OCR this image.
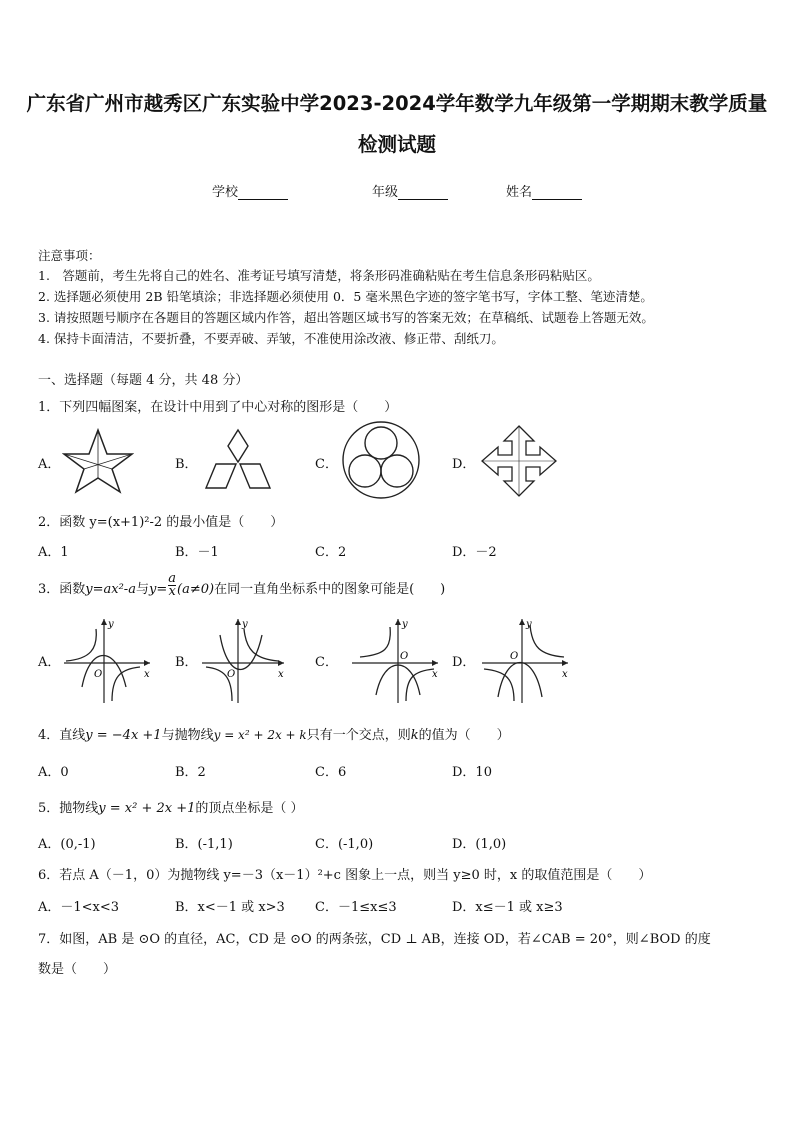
广东省广州市越秀区广东实验中学2023-2024学年数学九年级第一学期期末教学质量
检测试题
学校	年级	姓名
注意事项：
1.　答题前，考生先将自己的姓名、准考证号填写清楚，将条形码准确粘贴在考生信息条形码粘贴区。
2. 选择题必须使用 2B 铅笔填涂；非选择题必须使用 0．5 毫米黑色字迹的签字笔书写，字体工整、笔迹清楚。
3. 请按照题号顺序在各题目的答题区域内作答，超出答题区域书写的答案无效；在草稿纸、试题卷上答题无效。
4. 保持卡面清洁，不要折叠，不要弄破、弄皱，不准使用涂改液、修正带、刮纸刀。
一、选择题（每题 4 分，共 48 分）
1．下列四幅图案，在设计中用到了中心对称的图形是（　　）
A．	B．	C．	D．
2．函数 y=(x+1)²-2 的最小值是（　　）
A．1	B．－1	C．2	D．－2
3．函数y=ax²-a与$y= \frac{a}{x} (a\ne 0)$在同一直角坐标系中的图象可能是(　　)
A．
y
x
O
B．
y
x
O
C．
y
x
O	D．
y
x
O
4．直线y = −4x +1与抛物线y = x² + 2x + k只有一个交点，则k的值为（　　）
A．0	B．2	C．6	D．10
5．抛物线y = x² + 2x +1的顶点坐标是（ ）
A．(0,-1)	B．(-1,1)	C．(-1,0)	D．(1,0)
6．若点 A（－1，0）为抛物线 y=－3（x－1）²+c 图象上一点，则当 y≥0 时，x 的取值范围是（　　）
A．－1<x<3	B．x<－1 或 x>3 C．－1≤x≤3	D．x≤－1 或 x≥3
7．如图，AB 是 ⊙O 的直径，AC，CD 是 ⊙O 的两条弦，CD ⊥ AB，连接 OD，若∠CAB = 20°，则∠BOD 的度
数是（　　）
